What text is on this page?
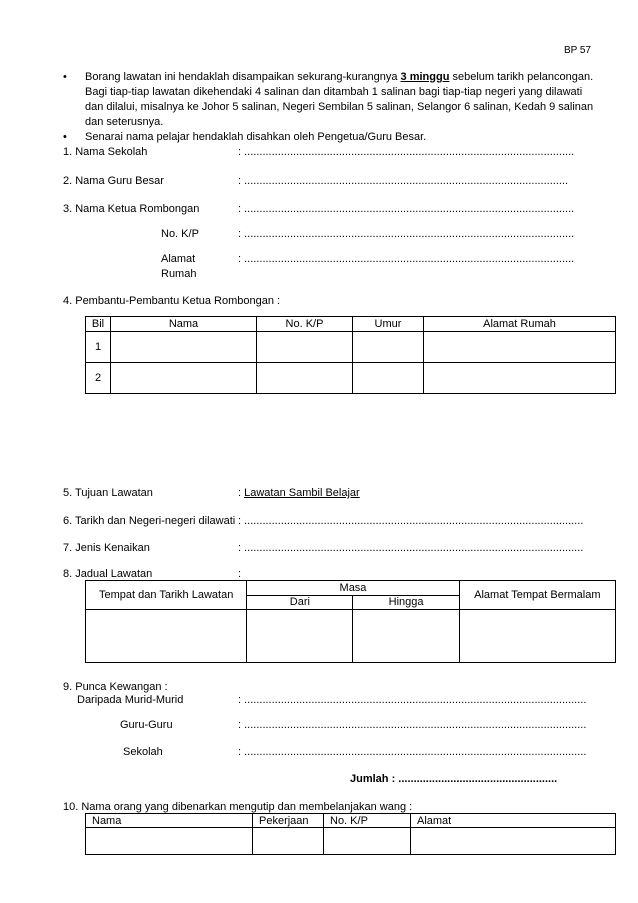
BP 57
• Borang lawatan ini hendaklah disampaikan sekurang-kurangnya 3 minggu sebelum tarikh pelancongan. Bagi tiap-tiap lawatan dikehendaki 4 salinan dan ditambah 1 salinan bagi tiap-tiap negeri yang dilawati dan dilalui, misalnya ke Johor 5 salinan, Negeri Sembilan 5 salinan, Selangor 6 salinan, Kedah 9 salinan dan seterusnya.
• Senarai nama pelajar hendaklah disahkan oleh Pengetua/Guru Besar.
1. Nama Sekolah	: ............................................................................................................
2. Nama Guru Besar	: ..........................................................................................................
3. Nama Ketua Rombongan	: ............................................................................................................
No. K/P	: ............................................................................................................
Alamat
Rumah
: ............................................................................................................
4. Pembantu-Pembantu Ketua Rombongan :
Bil	Nama	No. K/P	Umur	Alamat Rumah
1				
2				
5. Tujuan Lawatan	: Lawatan Sambil Belajar
6. Tarikh dan Negeri-negeri dilawati : ...............................................................................................................
7. Jenis Kenaikan	: ...............................................................................................................
8. Jadual Lawatan	:
Tempat dan Tarikh Lawatan	Masa		Alamat Tempat Bermalam
	Dari	Hingga	

9. Punca Kewangan :
Daripada Murid-Murid	: ................................................................................................................
Guru-Guru	: ................................................................................................................
Sekolah	: ................................................................................................................
Jumlah : ....................................................
10. Nama orang yang dibenarkan mengutip dan membelanjakan wang :
Nama	Pekerjaan	No. K/P	Alamat
